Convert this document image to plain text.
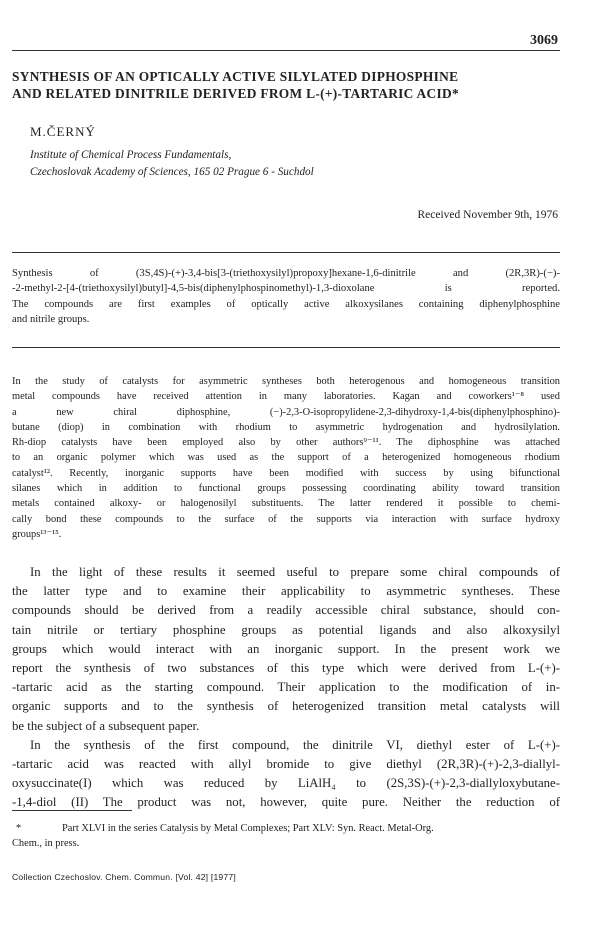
3069
SYNTHESIS OF AN OPTICALLY ACTIVE SILYLATED DIPHOSPHINE
AND RELATED DINITRILE DERIVED FROM L-(+)-TARTARIC ACID*
M.ČERNÝ
Institute of Chemical Process Fundamentals,
Czechoslovak Academy of Sciences, 165 02 Prague 6 - Suchdol
Received November 9th, 1976
Synthesis of (3S,4S)-(+)-3,4-bis[3-(triethoxysilyl)propoxy]hexane-1,6-dinitrile and (2R,3R)-(−)-
-2-methyl-2-[4-(triethoxysilyl)butyl]-4,5-bis(diphenylphospinomethyl)-1,3-dioxolane is reported.
The compounds are first examples of optically active alkoxysilanes containing diphenylphosphine
and nitrile groups.
In the study of catalysts for asymmetric syntheses both heterogenous and homogeneous transition
metal compounds have received attention in many laboratories. Kagan and coworkers¹⁻⁸ used
a new chiral diphosphine, (−)-2,3-O-isopropylidene-2,3-dihydroxy-1,4-bis(diphenylphosphino)-
butane (diop) in combination with rhodium to asymmetric hydrogenation and hydrosilylation.
Rh-diop catalysts have been employed also by other authors⁹⁻¹¹. The diphosphine was attached
to an organic polymer which was used as the support of a heterogenized homogeneous rhodium
catalyst¹². Recently, inorganic supports have been modified with success by using bifunctional
silanes which in addition to functional groups possessing coordinating ability toward transition
metals contained alkoxy- or halogenosilyl substituents. The latter rendered it possible to chemi-
cally bond these compounds to the surface of the supports via interaction with surface hydroxy
groups¹³⁻¹⁵.
In the light of these results it seemed useful to prepare some chiral compounds of
the latter type and to examine their applicability to asymmetric syntheses. These
compounds should be derived from a readily accessible chiral substance, should con-
tain nitrile or tertiary phosphine groups as potential ligands and also alkoxysilyl
groups which would interact with an inorganic support. In the present work we
report the synthesis of two substances of this type which were derived from L-(+)-
-tartaric acid as the starting compound. Their application to the modification of in-
organic supports and to the synthesis of heterogenized transition metal catalysts will
be the subject of a subsequent paper.
In the synthesis of the first compound, the dinitrile VI, diethyl ester of L-(+)-
-tartaric acid was reacted with allyl bromide to give diethyl (2R,3R)-(+)-2,3-diallyl-
oxysuccinate(I) which was reduced by LiAlH₄ to (2S,3S)-(+)-2,3-diallyloxybutane-
-1,4-diol (II) The product was not, however, quite pure. Neither the reduction of
*	Part XLVI in the series Catalysis by Metal Complexes; Part XLV: Syn. React. Metal-Org.
Chem., in press.
Collection Czechoslov. Chem. Commun. [Vol. 42] [1977]
